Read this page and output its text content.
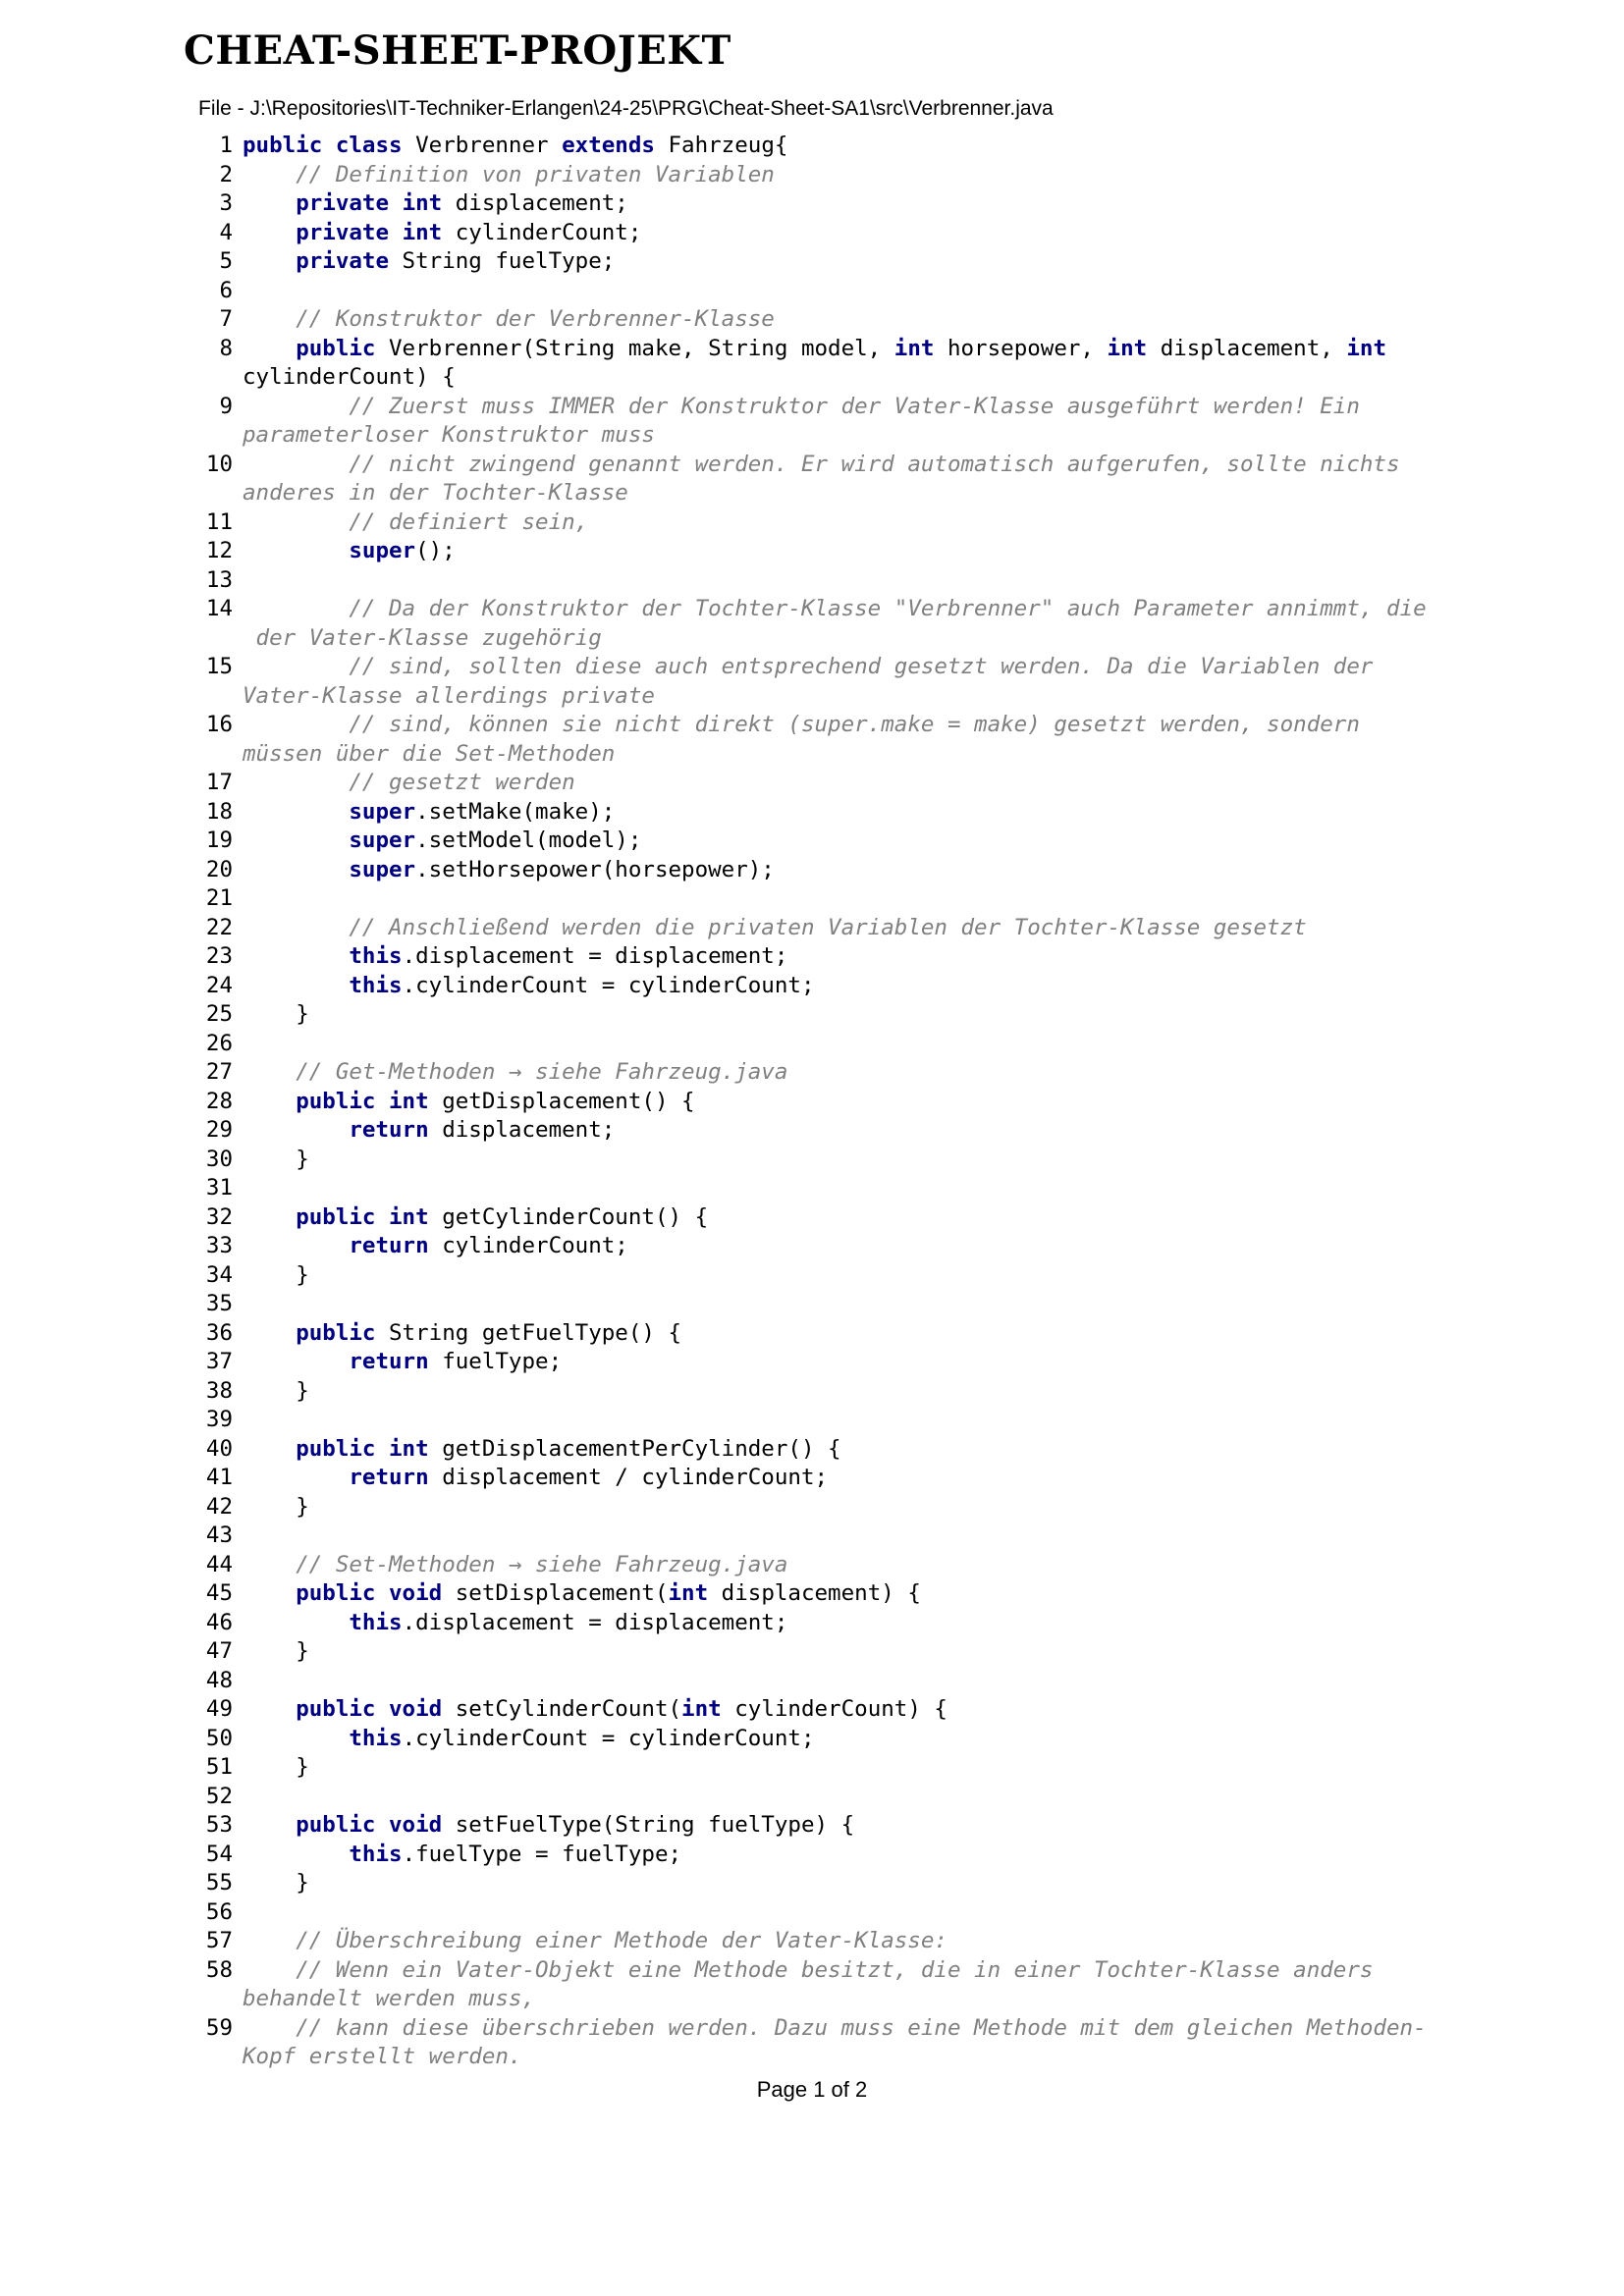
CHEAT-SHEET-PROJEKT
File - J:\Repositories\IT-Techniker-Erlangen\24-25\PRG\Cheat-Sheet-SA1\src\Verbrenner.java
1 public class Verbrenner extends Fahrzeug{
2	// Definition von privaten Variablen
3	private int displacement;
4	private int cylinderCount;
5	private String fuelType;
6

7	// Konstruktor der Verbrenner-Klasse
8	public Verbrenner(String make, String model, int horsepower, int displacement, int
cylinderCount) {
9	// Zuerst muss IMMER der Konstruktor der Vater-Klasse ausgeführt werden! Ein
parameterloser Konstruktor muss
10	// nicht zwingend genannt werden. Er wird automatisch aufgerufen, sollte nichts
anderes in der Tochter-Klasse
11	// definiert sein,
12	super();
13

14	// Da der Konstruktor der Tochter-Klasse "Verbrenner" auch Parameter annimmt, die
der Vater-Klasse zugehörig
15	// sind, sollten diese auch entsprechend gesetzt werden. Da die Variablen der
Vater-Klasse allerdings private
16	// sind, können sie nicht direkt (super.make = make) gesetzt werden, sondern
müssen über die Set-Methoden
17	// gesetzt werden
18	super.setMake(make);
19	super.setModel(model);
20	super.setHorsepower(horsepower);
21

22	// Anschließend werden die privaten Variablen der Tochter-Klasse gesetzt
23	this.displacement = displacement;
24	this.cylinderCount = cylinderCount;
25 }
26

27	// Get-Methoden → siehe Fahrzeug.java
28	public int getDisplacement() {
29	return displacement;
30 }
31

32	public int getCylinderCount() {
33	return cylinderCount;
34 }
35

36	public String getFuelType() {
37	return fuelType;
38 }
39

40	public int getDisplacementPerCylinder() {
41	return displacement / cylinderCount;
42 }
43

44	// Set-Methoden → siehe Fahrzeug.java
45	public void setDisplacement(int displacement) {
46	this.displacement = displacement;
47 }
48

49	public void setCylinderCount(int cylinderCount) {
50	this.cylinderCount = cylinderCount;
51 }
52

53	public void setFuelType(String fuelType) {
54	this.fuelType = fuelType;
55 }
56

57	// Überschreibung einer Methode der Vater-Klasse:
58	// Wenn ein Vater-Objekt eine Methode besitzt, die in einer Tochter-Klasse anders
behandelt werden muss,
59	// kann diese überschrieben werden. Dazu muss eine Methode mit dem gleichen Methoden-
Kopf erstellt werden.
Page 1 of 2
